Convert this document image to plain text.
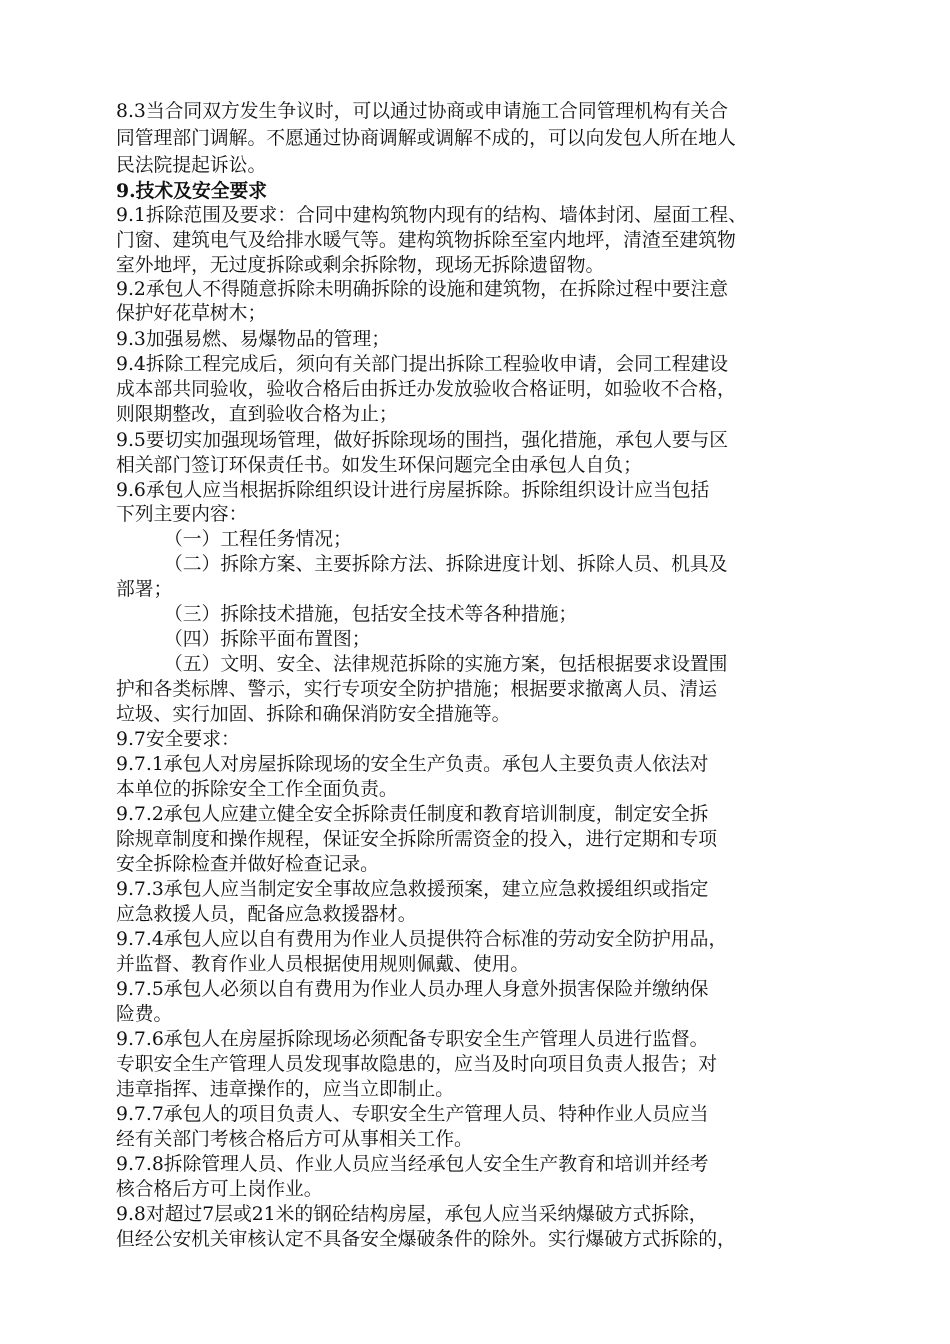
8.3当合同双方发生争议时，可以通过协商或申请施工合同管理机构有关合
同管理部门调解。不愿通过协商调解或调解不成的，可以向发包人所在地人
民法院提起诉讼。
9.技术及安全要求
9.1拆除范围及要求：合同中建构筑物内现有的结构、墙体封闭、屋面工程、
门窗、建筑电气及给排水暖气等。建构筑物拆除至室内地坪，清渣至建筑物
室外地坪，无过度拆除或剩余拆除物，现场无拆除遗留物。
9.2承包人不得随意拆除未明确拆除的设施和建筑物，在拆除过程中要注意
保护好花草树木；
9.3加强易燃、易爆物品的管理；
9.4拆除工程完成后，须向有关部门提出拆除工程验收申请，会同工程建设
成本部共同验收，验收合格后由拆迁办发放验收合格证明，如验收不合格，
则限期整改，直到验收合格为止；
9.5要切实加强现场管理，做好拆除现场的围挡，强化措施，承包人要与区
相关部门签订环保责任书。如发生环保问题完全由承包人自负；
9.6承包人应当根据拆除组织设计进行房屋拆除。拆除组织设计应当包括
下列主要内容：
（一）工程任务情况；
（二）拆除方案、主要拆除方法、拆除进度计划、拆除人员、机具及
部署；
（三）拆除技术措施，包括安全技术等各种措施；
（四）拆除平面布置图；
（五）文明、安全、法律规范拆除的实施方案，包括根据要求设置围
护和各类标牌、警示，实行专项安全防护措施；根据要求撤离人员、清运
垃圾、实行加固、拆除和确保消防安全措施等。
9.7安全要求：
9.7.1承包人对房屋拆除现场的安全生产负责。承包人主要负责人依法对
本单位的拆除安全工作全面负责。
9.7.2承包人应建立健全安全拆除责任制度和教育培训制度，制定安全拆
除规章制度和操作规程，保证安全拆除所需资金的投入，进行定期和专项
安全拆除检查并做好检查记录。
9.7.3承包人应当制定安全事故应急救援预案，建立应急救援组织或指定
应急救援人员，配备应急救援器材。
9.7.4承包人应以自有费用为作业人员提供符合标准的劳动安全防护用品，
并监督、教育作业人员根据使用规则佩戴、使用。
9.7.5承包人必须以自有费用为作业人员办理人身意外损害保险并缴纳保
险费。
9.7.6承包人在房屋拆除现场必须配备专职安全生产管理人员进行监督。
专职安全生产管理人员发现事故隐患的，应当及时向项目负责人报告；对
违章指挥、违章操作的，应当立即制止。
9.7.7承包人的项目负责人、专职安全生产管理人员、特种作业人员应当
经有关部门考核合格后方可从事相关工作。
9.7.8拆除管理人员、作业人员应当经承包人安全生产教育和培训并经考
核合格后方可上岗作业。
9.8对超过7层或21米的钢砼结构房屋，承包人应当采纳爆破方式拆除，
但经公安机关审核认定不具备安全爆破条件的除外。实行爆破方式拆除的，
